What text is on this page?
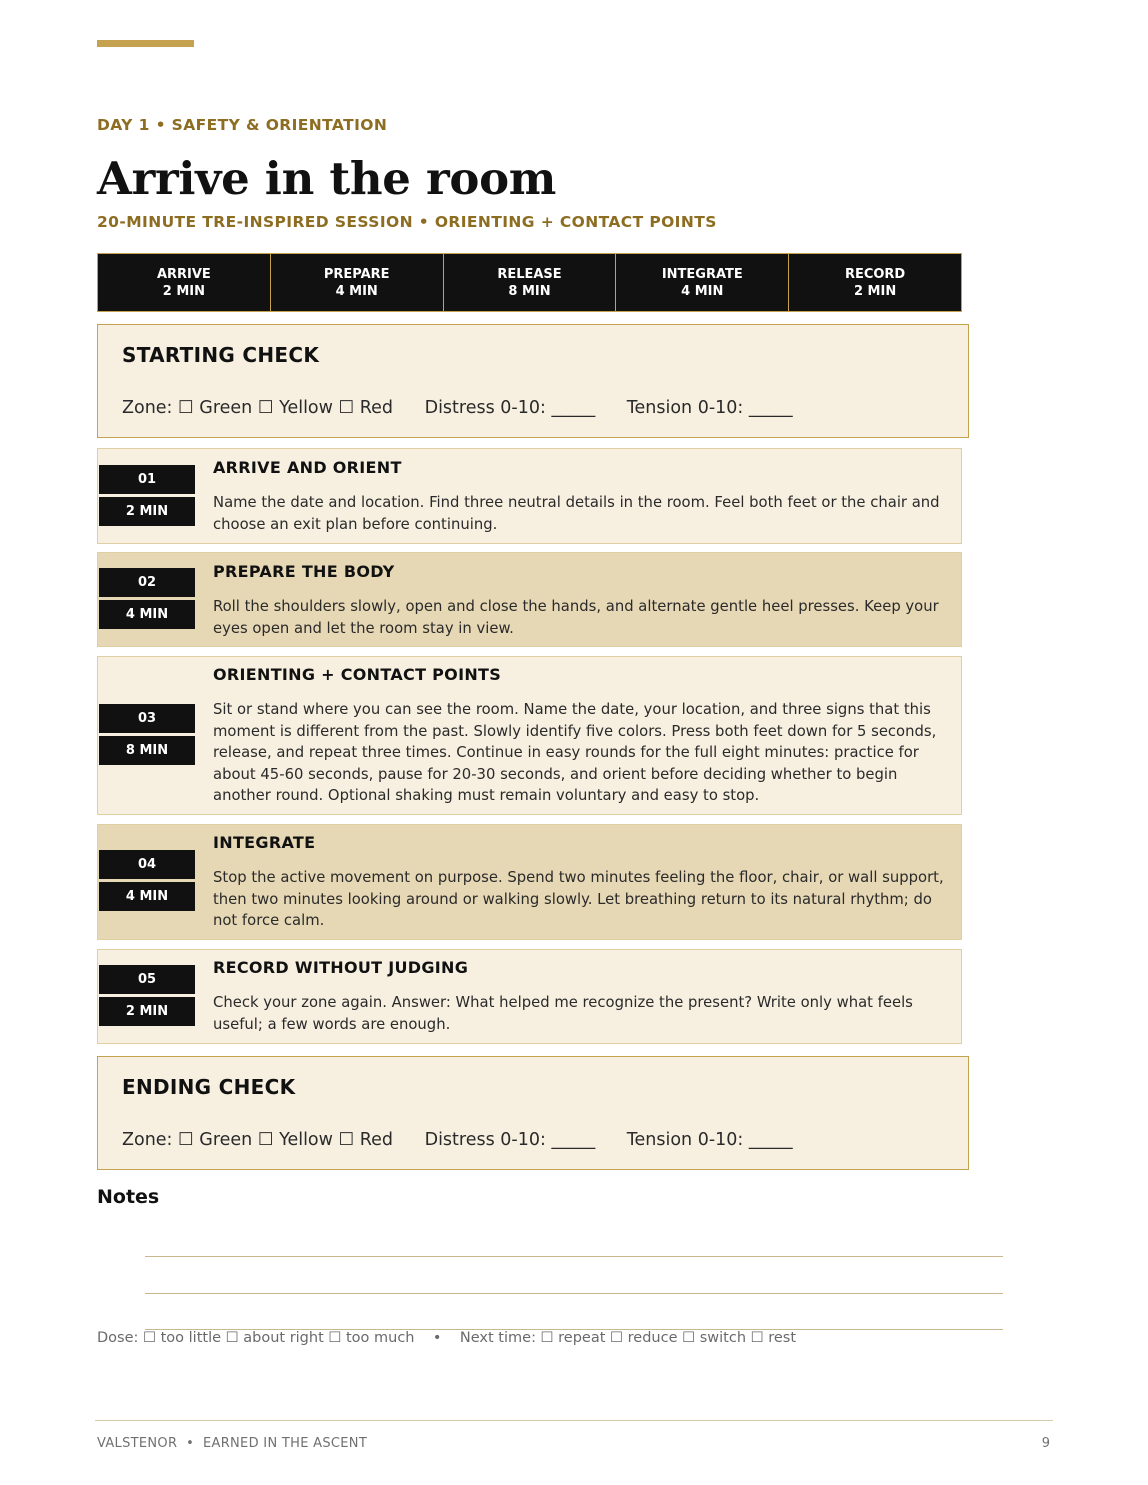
DAY 1 • SAFETY & ORIENTATION
Arrive in the room
20-MINUTE TRE-INSPIRED SESSION • ORIENTING + CONTACT POINTS
ARRIVE
2 MIN
PREPARE
4 MIN
RELEASE
8 MIN
INTEGRATE
4 MIN
RECORD
2 MIN
STARTING CHECK
Zone: ☐ Green ☐ Yellow ☐ Red Distress 0-10: _____ Tension 0-10: _____
01
2 MIN
ARRIVE AND ORIENT
Name the date and location. Find three neutral details in the room. Feel both feet or the chair and choose an exit plan before continuing.
02
4 MIN
PREPARE THE BODY
Roll the shoulders slowly, open and close the hands, and alternate gentle heel presses. Keep your eyes open and let the room stay in view.
03
8 MIN
ORIENTING + CONTACT POINTS
Sit or stand where you can see the room. Name the date, your location, and three signs that this moment is different from the past. Slowly identify five colors. Press both feet down for 5 seconds, release, and repeat three times. Continue in easy rounds for the full eight minutes: practice for about 45-60 seconds, pause for 20-30 seconds, and orient before deciding whether to begin another round. Optional shaking must remain voluntary and easy to stop.
04
4 MIN
INTEGRATE
Stop the active movement on purpose. Spend two minutes feeling the floor, chair, or wall support, then two minutes looking around or walking slowly. Let breathing return to its natural rhythm; do not force calm.
05
2 MIN
RECORD WITHOUT JUDGING
Check your zone again. Answer: What helped me recognize the present? Write only what feels useful; a few words are enough.
ENDING CHECK
Zone: ☐ Green ☐ Yellow ☐ Red Distress 0-10: _____ Tension 0-10: _____
Notes
Dose: ☐ too little ☐ about right ☐ too much    •    Next time: ☐ repeat ☐ reduce ☐ switch ☐ rest
VALSTENOR  •  EARNED IN THE ASCENT	9
